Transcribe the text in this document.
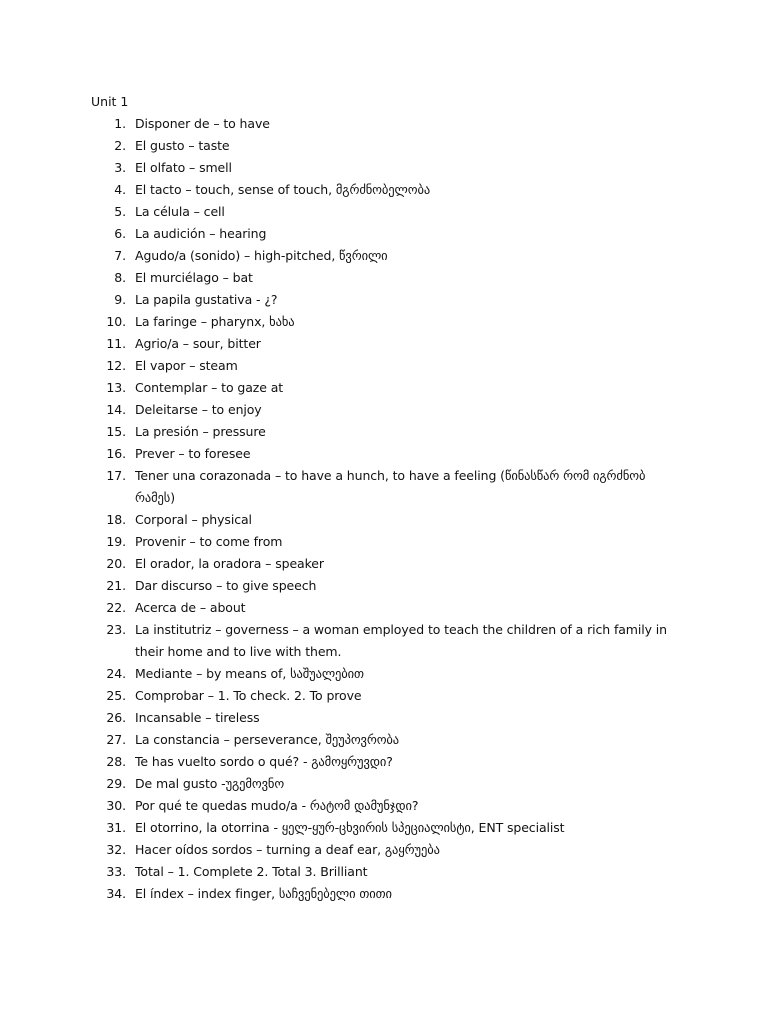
Unit 1
1. Disponer de – to have
2. El gusto – taste
3. El olfato – smell
4. El tacto – touch, sense of touch, მგრძნობელობა
5. La célula – cell
6. La audición – hearing
7. Agudo/a (sonido) – high-pitched, წვრილი
8. El murciélago – bat
9. La papila gustativa - ¿?
10. La faringe – pharynx, ხახა
11. Agrio/a – sour, bitter
12. El vapor – steam
13. Contemplar – to gaze at
14. Deleitarse – to enjoy
15. La presión – pressure
16. Prever – to foresee
17. Tener una corazonada – to have a hunch, to have a feeling (წინასწარ რომ იგრძნობ რამეს)
18. Corporal – physical
19. Provenir – to come from
20. El orador, la oradora – speaker
21. Dar discurso – to give speech
22. Acerca de – about
23. La institutriz – governess – a woman employed to teach the children of a rich family in their home and to live with them.
24. Mediante – by means of, საშუალებით
25. Comprobar – 1. To check. 2. To prove
26. Incansable – tireless
27. La constancia – perseverance, შეუპოვრობა
28. Te has vuelto sordo o qué? - გამოყრუვდი?
29. De mal gusto -უგემოვნო
30. Por qué te quedas mudo/a - რატომ დამუნჯდი?
31. El otorrino, la otorrina - ყელ-ყურ-ცხვირის სპეციალისტი, ENT specialist
32. Hacer oídos sordos – turning a deaf ear, გაყრუება
33. Total – 1. Complete 2. Total 3. Brilliant
34. El índex – index finger, საჩვენებელი თითი
